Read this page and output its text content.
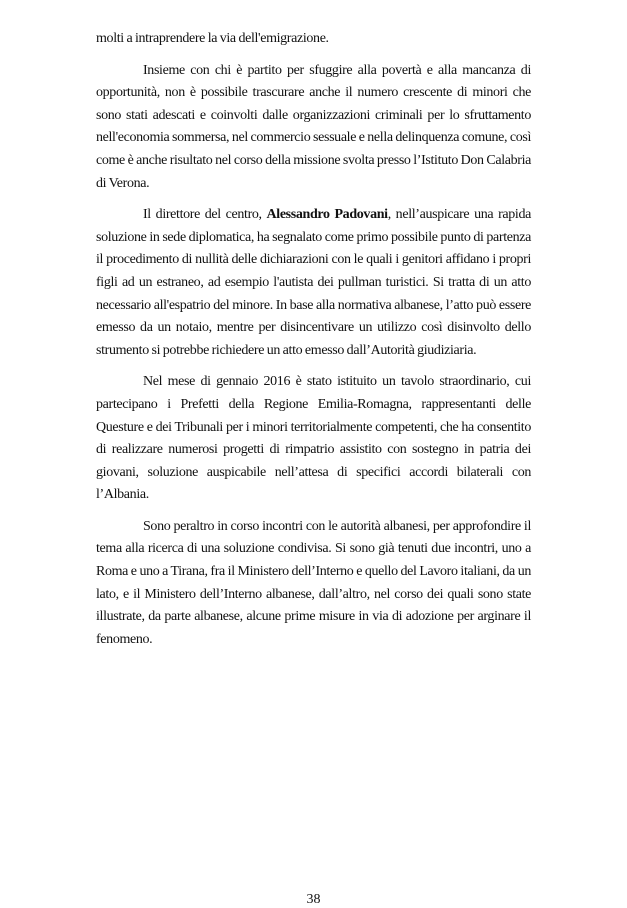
molti a intraprendere la via dell'emigrazione.

Insieme con chi è partito per sfuggire alla povertà e alla mancanza di opportunità, non è possibile trascurare anche il numero crescente di minori che sono stati adescati e coinvolti dalle organizzazioni criminali per lo sfruttamento nell'economia sommersa, nel commercio sessuale e nella delinquenza comune, così come è anche risultato nel corso della missione svolta presso l’Istituto Don Calabria di Verona.

Il direttore del centro, Alessandro Padovani, nell’auspicare una rapida soluzione in sede diplomatica, ha segnalato come primo possibile punto di partenza il procedimento di nullità delle dichiarazioni con le quali i genitori affidano i propri figli ad un estraneo, ad esempio l'autista dei pullman turistici. Si tratta di un atto necessario all'espatrio del minore. In base alla normativa albanese, l’atto può essere emesso da un notaio, mentre per disincentivare un utilizzo così disinvolto dello strumento si potrebbe richiedere un atto emesso dall’Autorità giudiziaria.

Nel mese di gennaio 2016 è stato istituito un tavolo straordinario, cui partecipano i Prefetti della Regione Emilia-Romagna, rappresentanti delle Questure e dei Tribunali per i minori territorialmente competenti, che ha consentito di realizzare numerosi progetti di rimpatrio assistito con sostegno in patria dei giovani, soluzione auspicabile nell’attesa di specifici accordi bilaterali con l’Albania.

Sono peraltro in corso incontri con le autorità albanesi, per approfondire il tema alla ricerca di una soluzione condivisa. Si sono già tenuti due incontri, uno a Roma e uno a Tirana, fra il Ministero dell’Interno e quello del Lavoro italiani, da un lato, e il Ministero dell’Interno albanese, dall’altro, nel corso dei quali sono state illustrate, da parte albanese, alcune prime misure in via di adozione per arginare il fenomeno.

38
